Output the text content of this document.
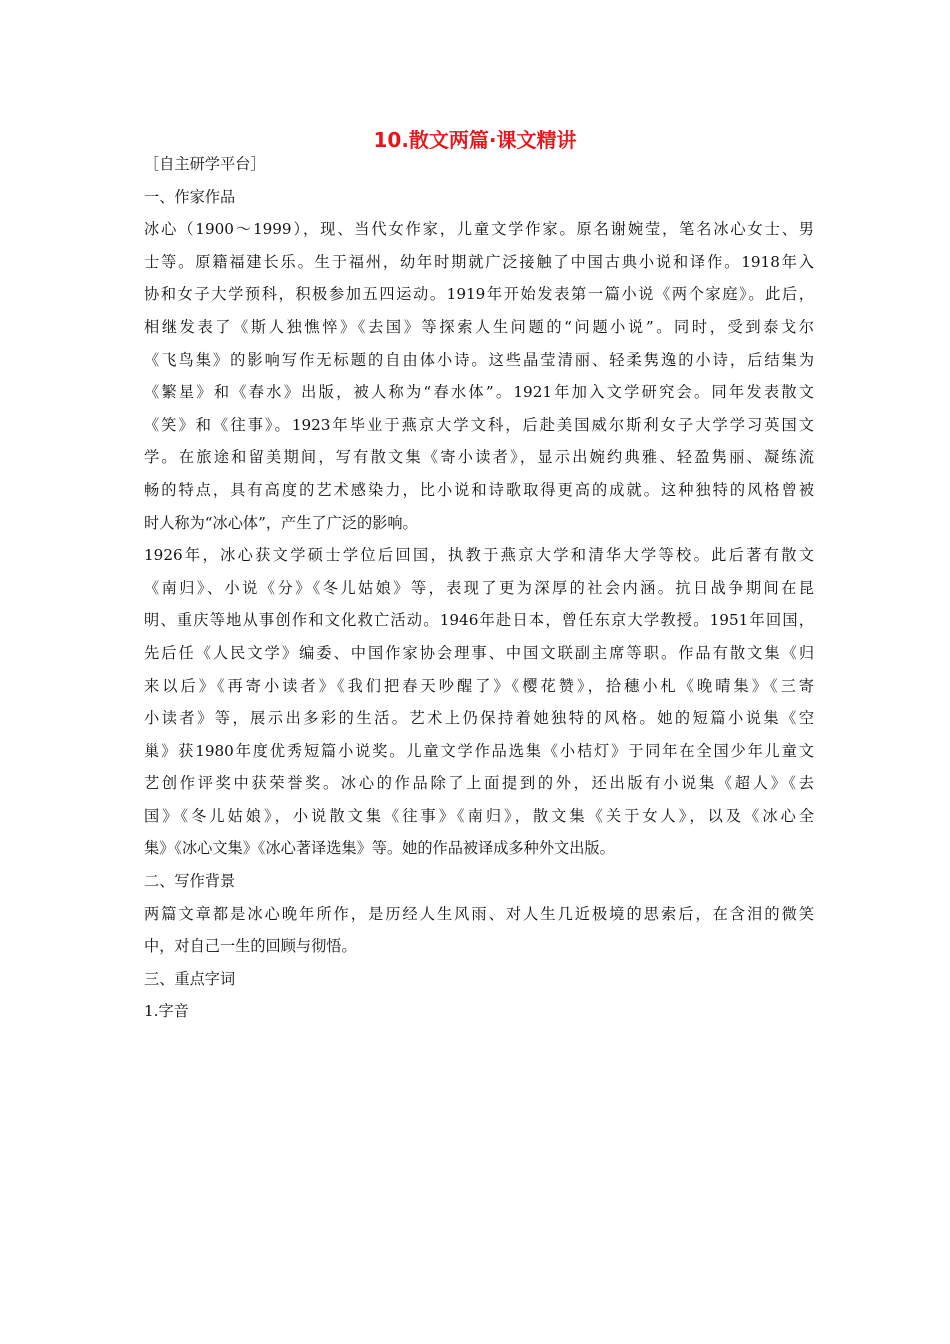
10.散文两篇·课文精讲
［自主研学平台］
一、作家作品
冰心（1900～1999），现、当代女作家，儿童文学作家。原名谢婉莹，笔名冰心女士、男
士等。原籍福建长乐。生于福州，幼年时期就广泛接触了中国古典小说和译作。1918年入
协和女子大学预科，积极参加五四运动。1919年开始发表第一篇小说《两个家庭》。此后，
相继发表了《斯人独憔悴》《去国》等探索人生问题的“问题小说”。同时，受到泰戈尔
《飞鸟集》的影响写作无标题的自由体小诗。这些晶莹清丽、轻柔隽逸的小诗，后结集为
《繁星》和《春水》出版，被人称为“春水体”。1921年加入文学研究会。同年发表散文
《笑》和《往事》。1923年毕业于燕京大学文科，后赴美国威尔斯利女子大学学习英国文
学。在旅途和留美期间，写有散文集《寄小读者》，显示出婉约典雅、轻盈隽丽、凝练流
畅的特点，具有高度的艺术感染力，比小说和诗歌取得更高的成就。这种独特的风格曾被
时人称为“冰心体”，产生了广泛的影响。
1926年，冰心获文学硕士学位后回国，执教于燕京大学和清华大学等校。此后著有散文
《南归》、小说《分》《冬儿姑娘》等，表现了更为深厚的社会内涵。抗日战争期间在昆
明、重庆等地从事创作和文化救亡活动。1946年赴日本，曾任东京大学教授。1951年回国，
先后任《人民文学》编委、中国作家协会理事、中国文联副主席等职。作品有散文集《归
来以后》《再寄小读者》《我们把春天吵醒了》《樱花赞》，拾穗小札《晚晴集》《三寄
小读者》等，展示出多彩的生活。艺术上仍保持着她独特的风格。她的短篇小说集《空
巢》获1980年度优秀短篇小说奖。儿童文学作品选集《小桔灯》于同年在全国少年儿童文
艺创作评奖中获荣誉奖。冰心的作品除了上面提到的外，还出版有小说集《超人》《去
国》《冬儿姑娘》，小说散文集《往事》《南归》，散文集《关于女人》，以及《冰心全
集》《冰心文集》《冰心著译选集》等。她的作品被译成多种外文出版。
二、写作背景
两篇文章都是冰心晚年所作，是历经人生风雨、对人生几近极境的思索后，在含泪的微笑
中，对自己一生的回顾与彻悟。
三、重点字词
1.字音
